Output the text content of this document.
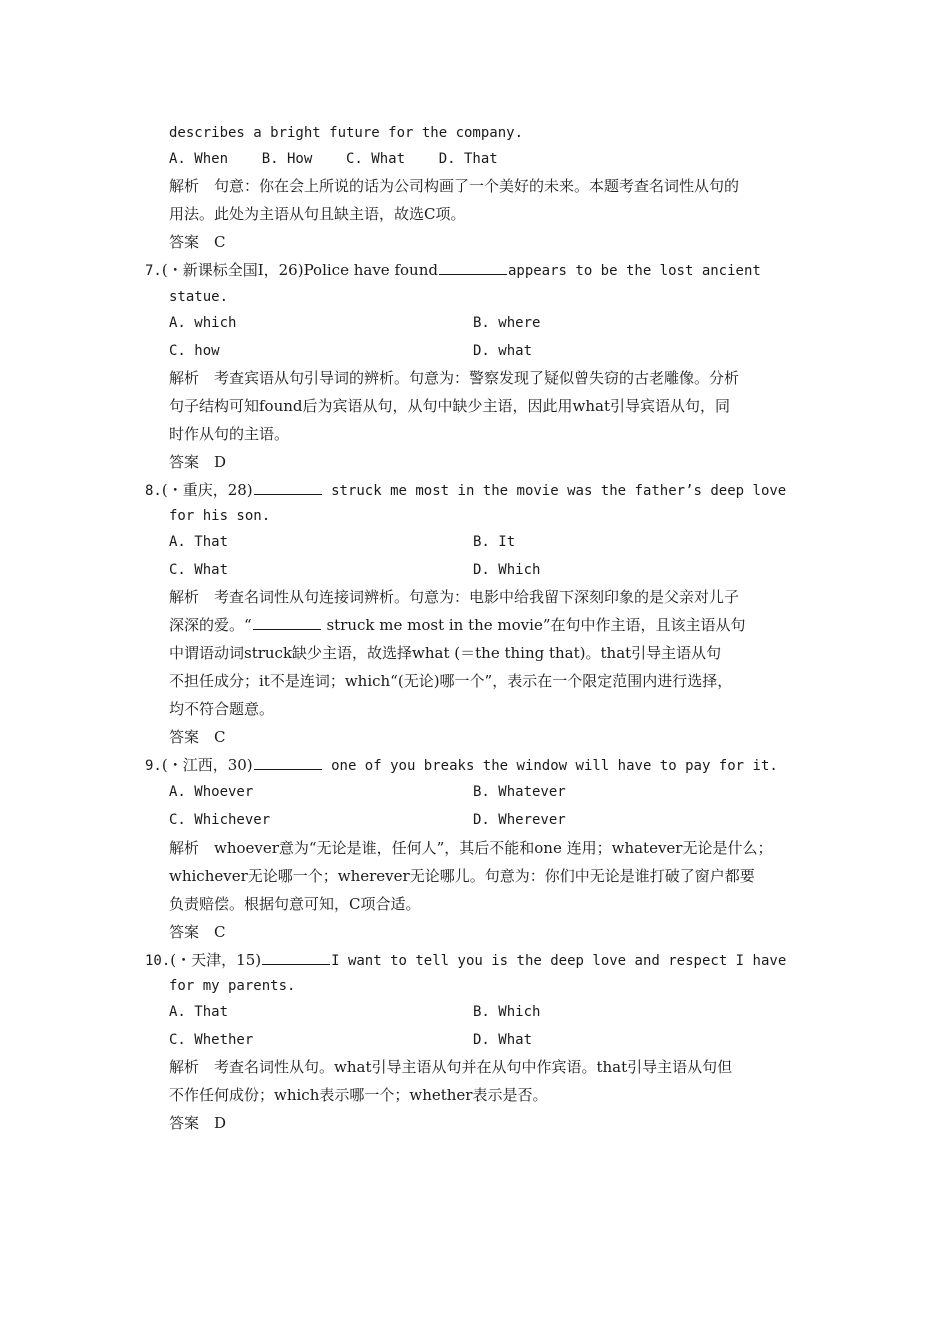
describes a bright future for the company.
A. When    B. How    C. What    D. That
解析　句意：你在会上所说的话为公司构画了一个美好的未来。本题考查名词性从句的
用法。此处为主语从句且缺主语，故选C项。
答案　C
7.(・新课标全国Ⅰ，26)Police have found	appears to be the lost ancient
statue.
A. which	B. where
C. how	D. what
解析　考查宾语从句引导词的辨析。句意为：警察发现了疑似曾失窃的古老雕像。分析
句子结构可知found后为宾语从句，从句中缺少主语，因此用what引导宾语从句，同
时作从句的主语。
答案　D
8.(・重庆，28)	struck me most in the movie was the father’s deep love
for his son.
A. That	B. It
C. What	D. Which
解析　考查名词性从句连接词辨析。句意为：电影中给我留下深刻印象的是父亲对儿子
深深的爱。“	struck me most in the movie”在句中作主语，且该主语从句
中谓语动词struck缺少主语，故选择what (＝the thing that)。that引导主语从句
不担任成分；it不是连词；which“(无论)哪一个”，表示在一个限定范围内进行选择，
均不符合题意。
答案　C
9.(・江西，30)	one of you breaks the window will have to pay for it.
A. Whoever	B. Whatever
C. Whichever	D. Wherever
解析　whoever意为“无论是谁，任何人”，其后不能和one 连用；whatever无论是什么；
whichever无论哪一个；wherever无论哪儿。句意为：你们中无论是谁打破了窗户都要
负责赔偿。根据句意可知，C项合适。
答案　C
10.(・天津，15)	I want to tell you is the deep love and respect I have
for my parents.
A. That	B. Which
C. Whether	D. What
解析　考查名词性从句。what引导主语从句并在从句中作宾语。that引导主语从句但
不作任何成份；which表示哪一个；whether表示是否。
答案　D
